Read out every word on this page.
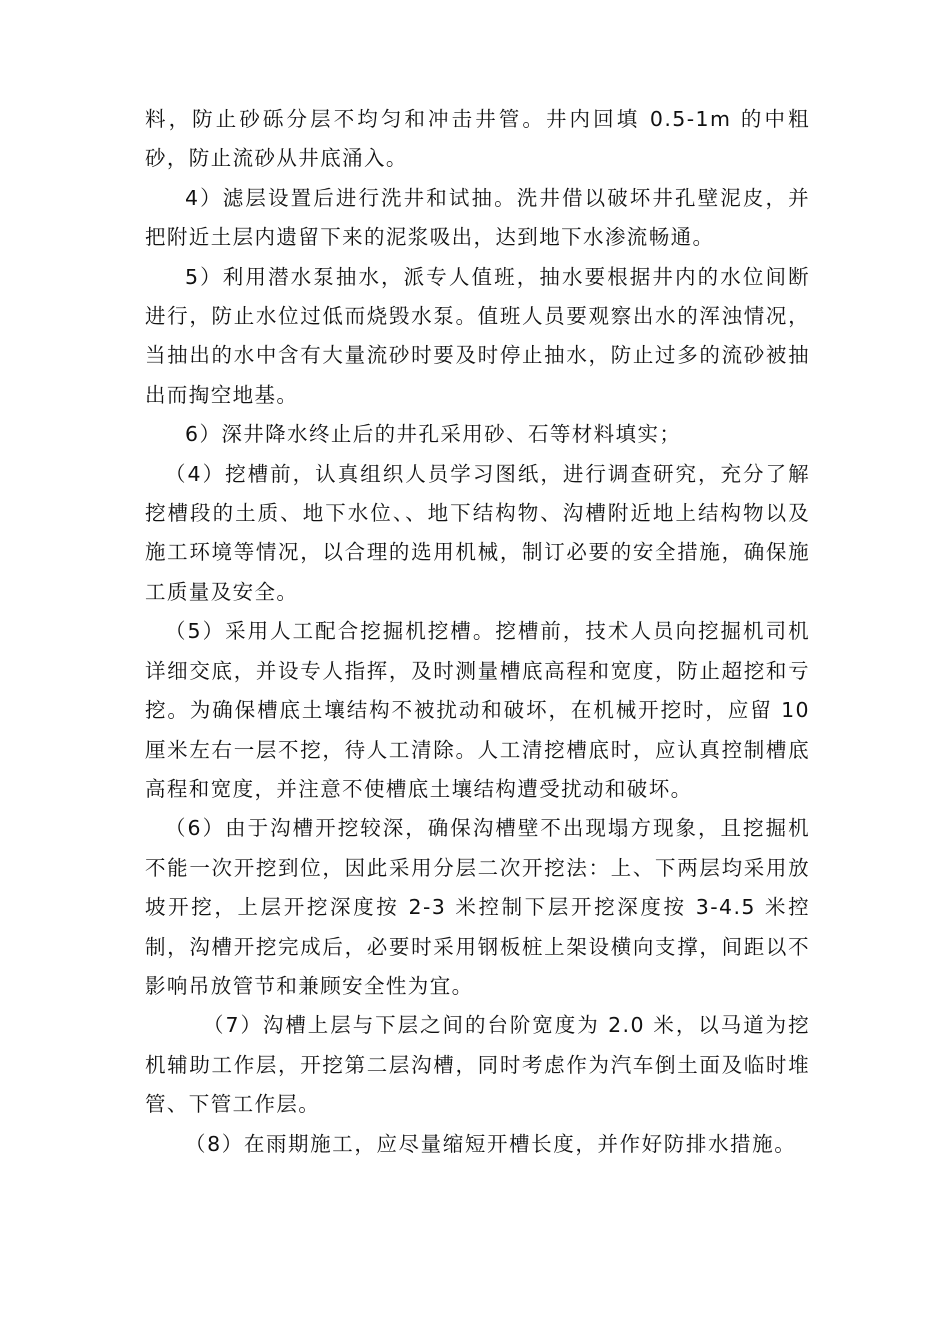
料，防止砂砾分层不均匀和冲击井管。井内回填 0.5-1m 的中粗砂，防止流砂从井底涌入。

4）滤层设置后进行洗井和试抽。洗井借以破坏井孔壁泥皮，并把附近土层内遗留下来的泥浆吸出，达到地下水渗流畅通。

5）利用潜水泵抽水，派专人值班，抽水要根据井内的水位间断进行，防止水位过低而烧毁水泵。值班人员要观察出水的浑浊情况，当抽出的水中含有大量流砂时要及时停止抽水，防止过多的流砂被抽出而掏空地基。

6）深井降水终止后的井孔采用砂、石等材料填实；

（4）挖槽前，认真组织人员学习图纸，进行调查研究，充分了解挖槽段的土质、地下水位、、地下结构物、沟槽附近地上结构物以及施工环境等情况，以合理的选用机械，制订必要的安全措施，确保施工质量及安全。

（5）采用人工配合挖掘机挖槽。挖槽前，技术人员向挖掘机司机详细交底，并设专人指挥，及时测量槽底高程和宽度，防止超挖和亏挖。为确保槽底土壤结构不被扰动和破坏，在机械开挖时，应留 10 厘米左右一层不挖，待人工清除。人工清挖槽底时，应认真控制槽底高程和宽度，并注意不使槽底土壤结构遭受扰动和破坏。

（6）由于沟槽开挖较深，确保沟槽壁不出现塌方现象，且挖掘机不能一次开挖到位，因此采用分层二次开挖法：上、下两层均采用放坡开挖，上层开挖深度按 2-3 米控制下层开挖深度按 3-4.5 米控制，沟槽开挖完成后，必要时采用钢板桩上架设横向支撑，间距以不影响吊放管节和兼顾安全性为宜。

（7）沟槽上层与下层之间的台阶宽度为 2.0 米，以马道为挖机辅助工作层，开挖第二层沟槽，同时考虑作为汽车倒土面及临时堆管、下管工作层。

（8）在雨期施工，应尽量缩短开槽长度，并作好防排水措施。
